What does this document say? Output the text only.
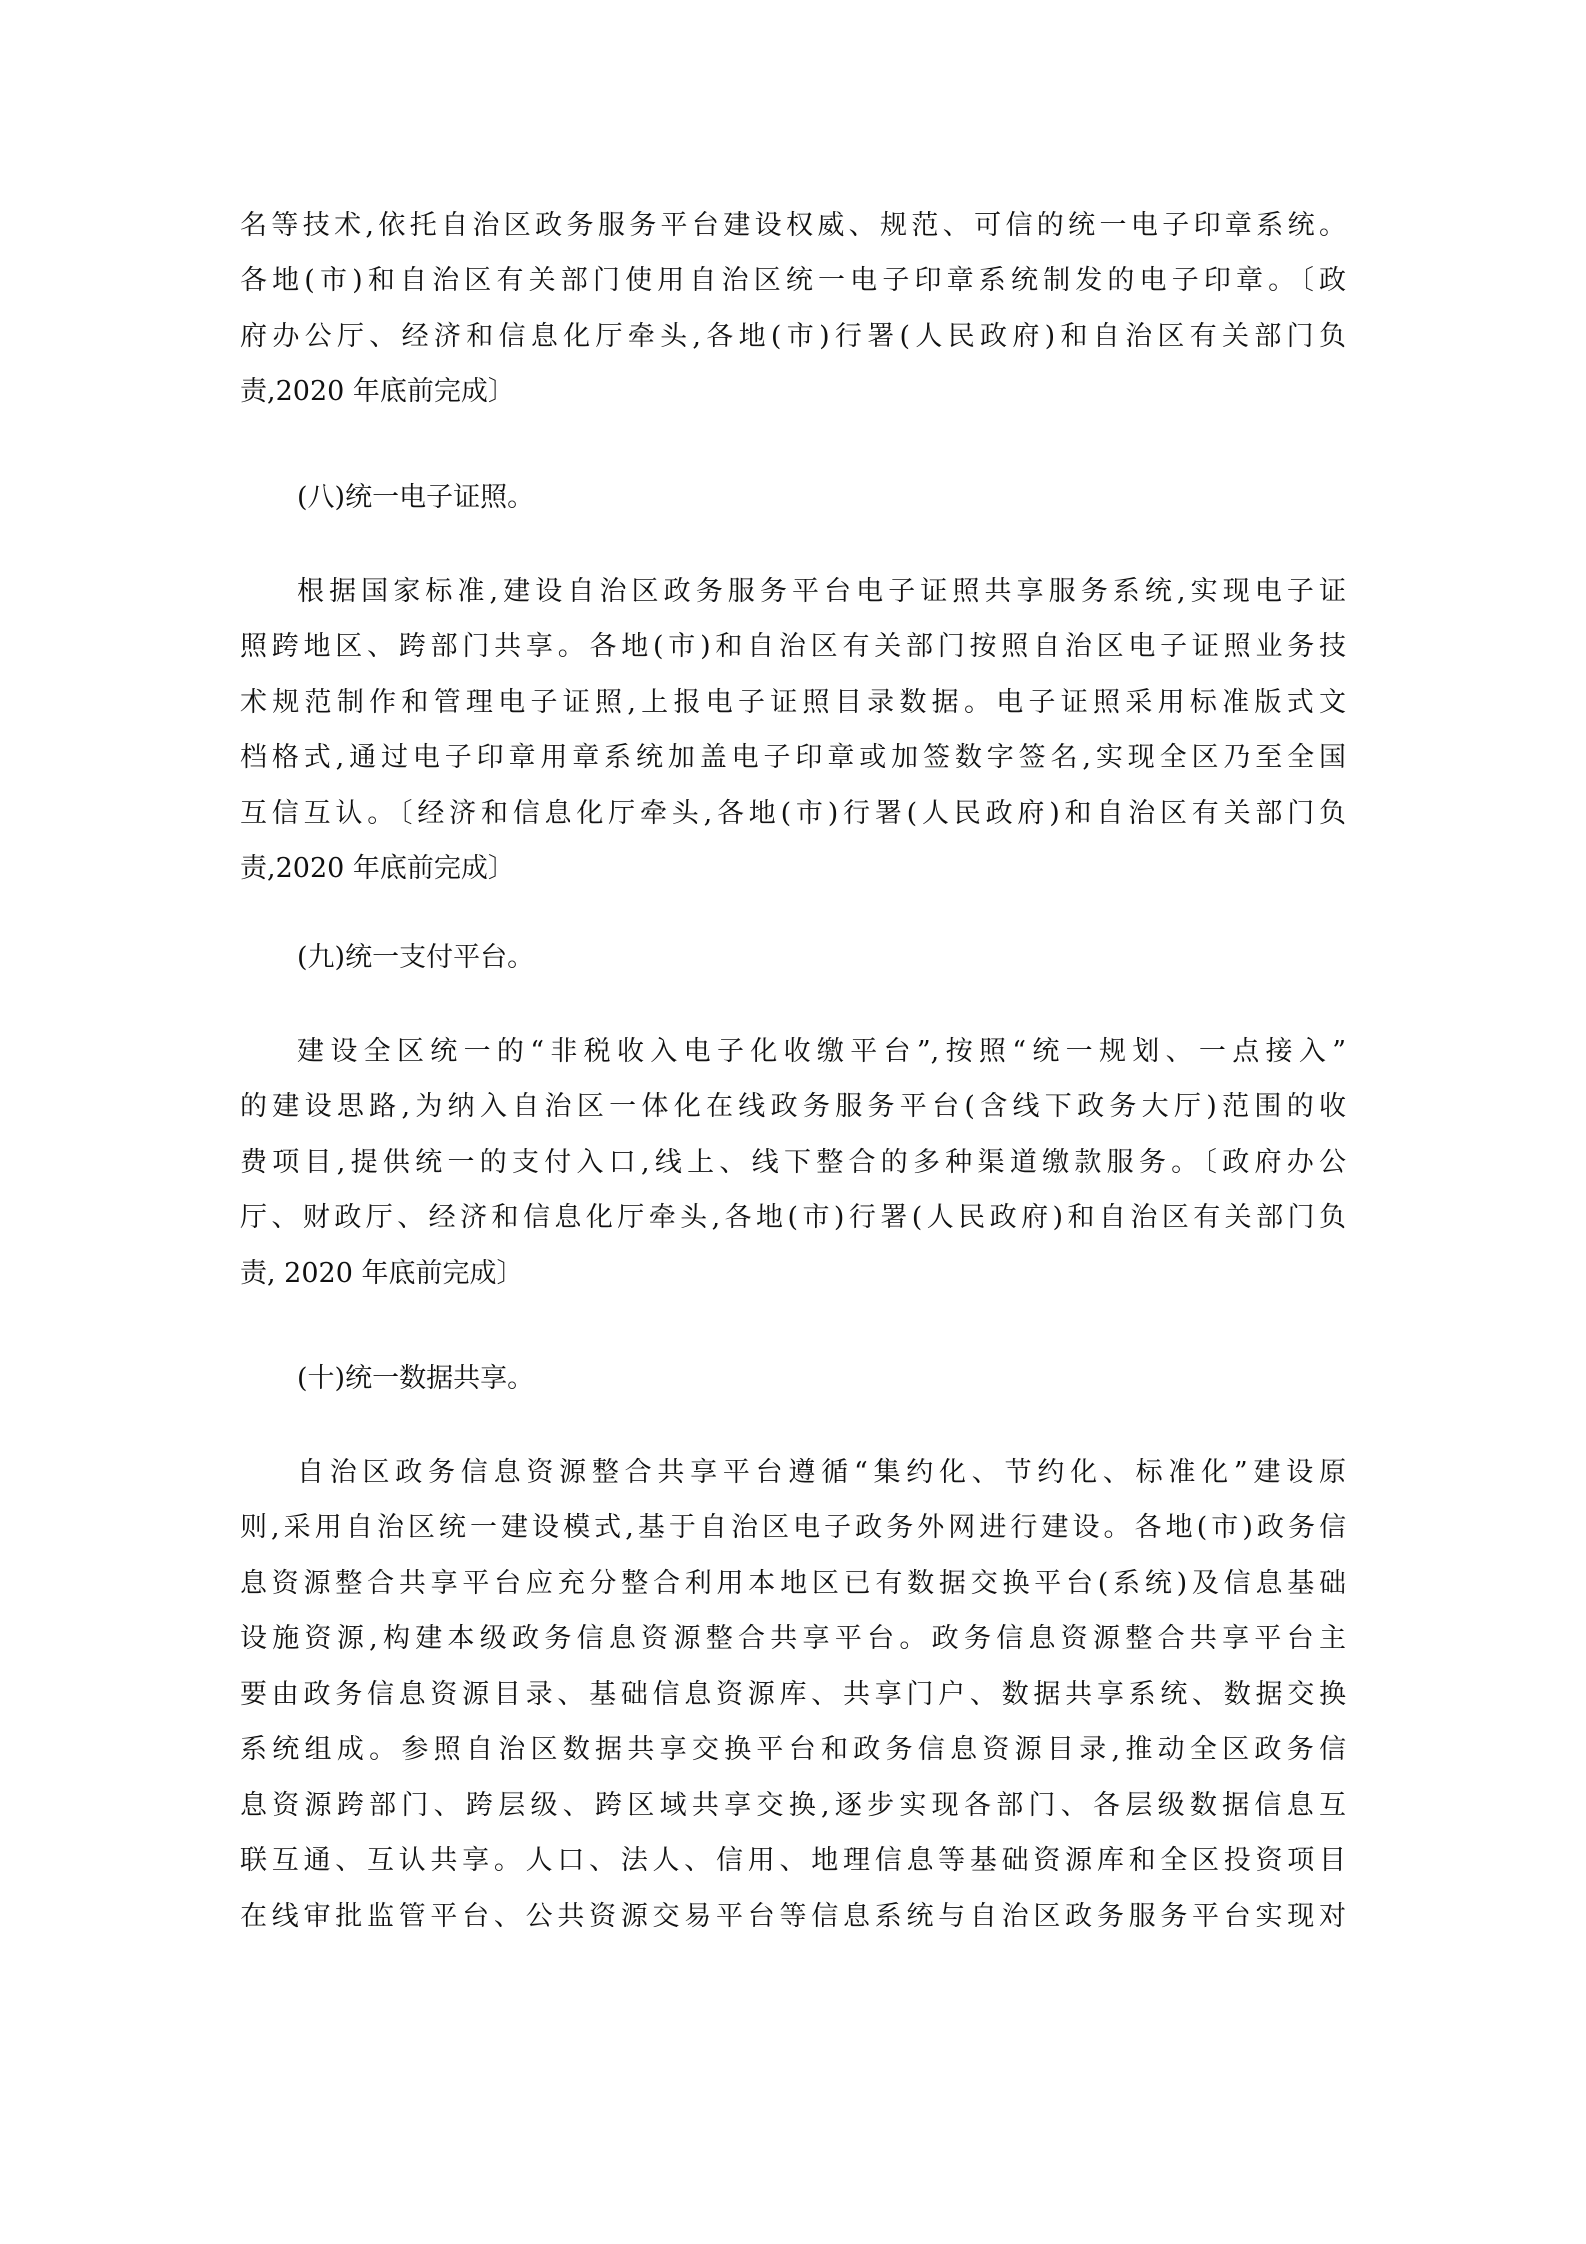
名等技术,依托自治区政务服务平台建设权威、规范、可信的统一电子印章系统。
各地(市)和自治区有关部门使用自治区统一电子印章系统制发的电子印章。〔政
府办公厅、经济和信息化厅牵头,各地(市)行署(人民政府)和自治区有关部门负
责,2020 年底前完成〕
(八)统一电子证照。
根据国家标准,建设自治区政务服务平台电子证照共享服务系统,实现电子证
照跨地区、跨部门共享。各地(市)和自治区有关部门按照自治区电子证照业务技
术规范制作和管理电子证照,上报电子证照目录数据。电子证照采用标准版式文
档格式,通过电子印章用章系统加盖电子印章或加签数字签名,实现全区乃至全国
互信互认。〔经济和信息化厅牵头,各地(市)行署(人民政府)和自治区有关部门负
责,2020 年底前完成〕
(九)统一支付平台。
建设全区统一的“非税收入电子化收缴平台”,按照“统一规划、一点接入”
的建设思路,为纳入自治区一体化在线政务服务平台(含线下政务大厅)范围的收
费项目,提供统一的支付入口,线上、线下整合的多种渠道缴款服务。〔政府办公
厅、财政厅、经济和信息化厅牵头,各地(市)行署(人民政府)和自治区有关部门负
责, 2020 年底前完成〕
(十)统一数据共享。
自治区政务信息资源整合共享平台遵循“集约化、节约化、标准化”建设原
则,采用自治区统一建设模式,基于自治区电子政务外网进行建设。各地(市)政务信
息资源整合共享平台应充分整合利用本地区已有数据交换平台(系统)及信息基础
设施资源,构建本级政务信息资源整合共享平台。政务信息资源整合共享平台主
要由政务信息资源目录、基础信息资源库、共享门户、数据共享系统、数据交换
系统组成。参照自治区数据共享交换平台和政务信息资源目录,推动全区政务信
息资源跨部门、跨层级、跨区域共享交换,逐步实现各部门、各层级数据信息互
联互通、互认共享。人口、法人、信用、地理信息等基础资源库和全区投资项目
在线审批监管平台、公共资源交易平台等信息系统与自治区政务服务平台实现对
